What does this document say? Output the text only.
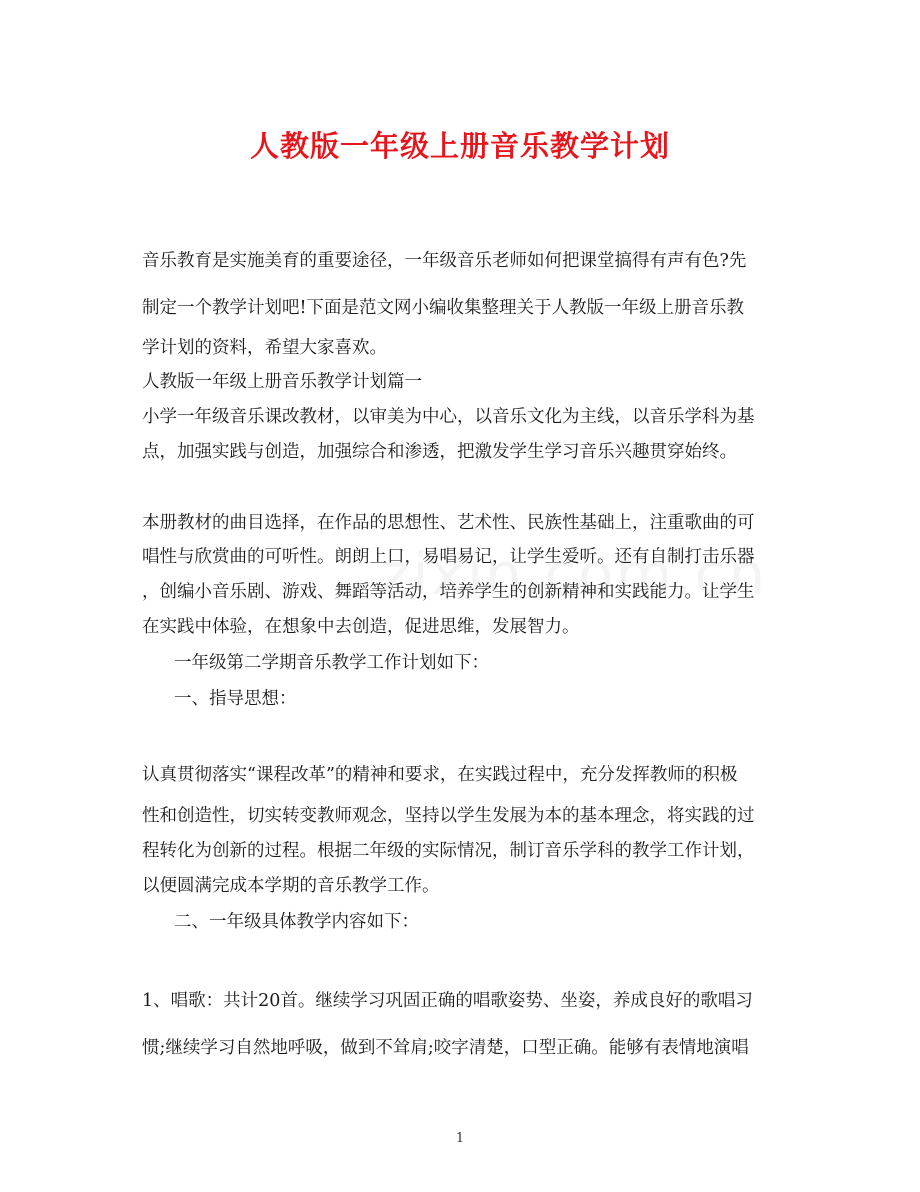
人教版一年级上册音乐教学计划
音乐教育是实施美育的重要途径，一年级音乐老师如何把课堂搞得有声有色?先
制定一个教学计划吧!下面是范文网小编收集整理关于人教版一年级上册音乐教
学计划的资料，希望大家喜欢。
人教版一年级上册音乐教学计划篇一
小学一年级音乐课改教材，以审美为中心，以音乐文化为主线，以音乐学科为基
点，加强实践与创造，加强综合和渗透，把激发学生学习音乐兴趣贯穿始终。
本册教材的曲目选择，在作品的思想性、艺术性、民族性基础上，注重歌曲的可
唱性与欣赏曲的可听性。朗朗上口，易唱易记，让学生爱听。还有自制打击乐器
，创编小音乐剧、游戏、舞蹈等活动，培养学生的创新精神和实践能力。让学生
在实践中体验，在想象中去创造，促进思维，发展智力。
一年级第二学期音乐教学工作计划如下：
一、指导思想：
认真贯彻落实“课程改革”的精神和要求，在实践过程中，充分发挥教师的积极
性和创造性，切实转变教师观念，坚持以学生发展为本的基本理念，将实践的过
程转化为创新的过程。根据二年级的实际情况，制订音乐学科的教学工作计划，
以便圆满完成本学期的音乐教学工作。
二、一年级具体教学内容如下：
1、唱歌：共计20首。继续学习巩固正确的唱歌姿势、坐姿，养成良好的歌唱习
惯;继续学习自然地呼吸，做到不耸肩;咬字清楚，口型正确。能够有表情地演唱
1
